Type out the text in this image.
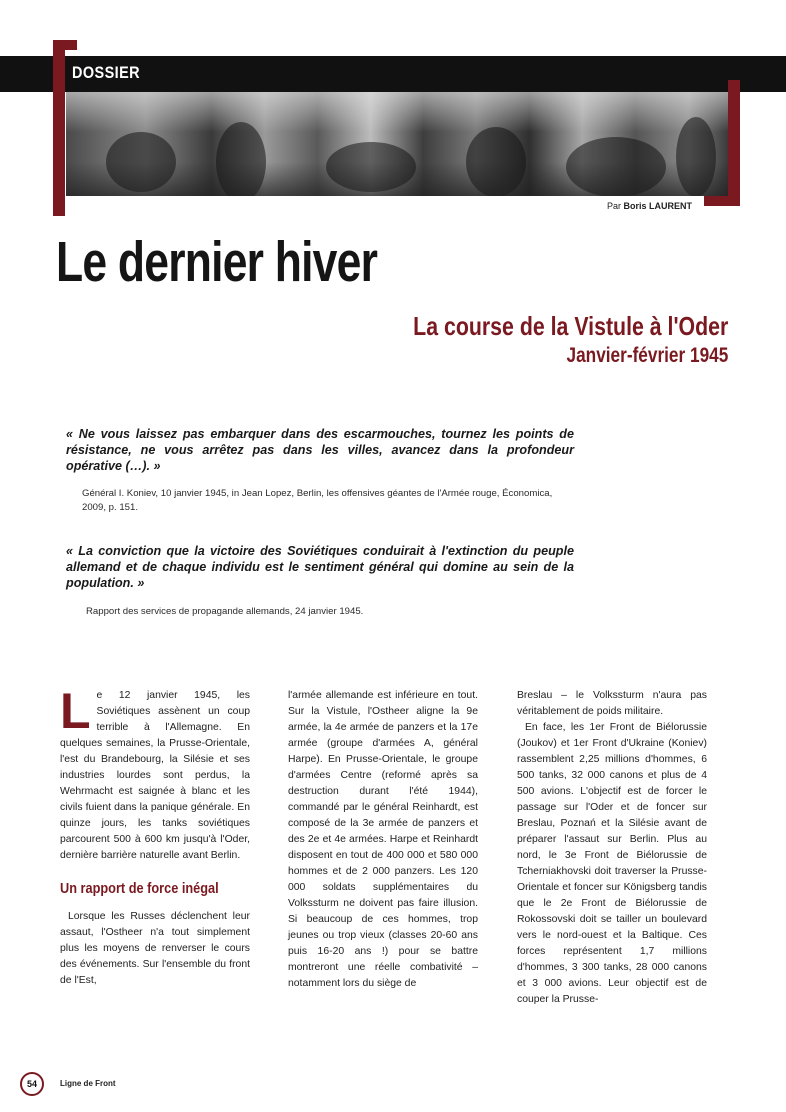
DOSSIER
Par Boris LAURENT
Le dernier hiver
La course de la Vistule à l'Oder
Janvier-février 1945
« Ne vous laissez pas embarquer dans des escarmouches, tournez les points de résistance, ne vous arrêtez pas dans les villes, avancez dans la profondeur opérative (…). »
Général I. Koniev, 10 janvier 1945, in Jean Lopez, Berlin, les offensives géantes de l'Armée rouge, Économica, 2009, p. 151.
« La conviction que la victoire des Soviétiques conduirait à l'extinction du peuple allemand et de chaque individu est le sentiment général qui domine au sein de la population. »
Rapport des services de propagande allemands, 24 janvier 1945.

Le 12 janvier 1945, les Soviétiques assènent un coup terrible à l'Allemagne. En quelques semaines, la Prusse-Orientale, l'est du Brandebourg, la Silésie et ses industries lourdes sont perdus, la Wehrmacht est saignée à blanc et les civils fuient dans la panique générale. En quinze jours, les tanks soviétiques parcourent 500 à 600 km jusqu'à l'Oder, dernière barrière naturelle avant Berlin.

Un rapport de force inégal

Lorsque les Russes déclenchent leur assaut, l'Ostheer n'a tout simplement plus les moyens de renverser le cours des événements. Sur l'ensemble du front de l'Est,

l'armée allemande est inférieure en tout. Sur la Vistule, l'Ostheer aligne la 9e armée, la 4e armée de panzers et la 17e armée (groupe d'armées A, général Harpe). En Prusse-Orientale, le groupe d'armées Centre (reformé après sa destruction durant l'été 1944), commandé par le général Reinhardt, est composé de la 3e armée de panzers et des 2e et 4e armées. Harpe et Reinhardt disposent en tout de 400 000 et 580 000 hommes et de 2 000 panzers. Les 120 000 soldats supplémentaires du Volkssturm ne doivent pas faire illusion. Si beaucoup de ces hommes, trop jeunes ou trop vieux (classes 20-60 ans puis 16-20 ans !) pour se battre montreront une réelle combativité – notamment lors du siège de

Breslau – le Volkssturm n'aura pas véritablement de poids militaire.

En face, les 1er Front de Biélorussie (Joukov) et 1er Front d'Ukraine (Koniev) rassemblent 2,25 millions d'hommes, 6 500 tanks, 32 000 canons et plus de 4 500 avions. L'objectif est de forcer le passage sur l'Oder et de foncer sur Breslau, Poznań et la Silésie avant de préparer l'assaut sur Berlin. Plus au nord, le 3e Front de Biélorussie de Tcherniakhovski doit traverser la Prusse-Orientale et foncer sur Königsberg tandis que le 2e Front de Biélorussie de Rokossovski doit se tailler un boulevard vers le nord-ouest et la Baltique. Ces forces représentent 1,7 millions d'hommes, 3 300 tanks, 28 000 canons et 3 000 avions. Leur objectif est de couper la Prusse-

54	Ligne de Front
